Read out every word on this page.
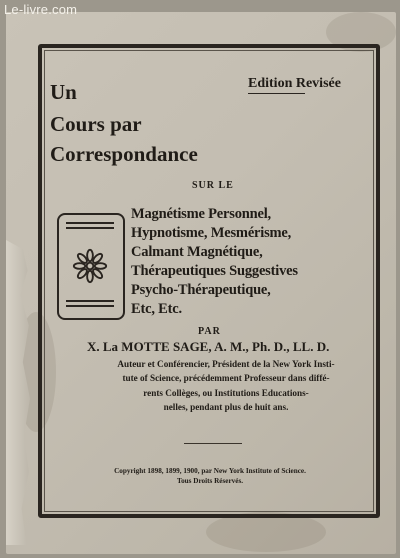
Le-livre.com
Edition Revisée
Un
Cours par
Correspondance
SUR LE
Magnétisme Personnel,
Hypnotisme, Mesmérisme,
Calmant Magnétique,
Thérapeutiques Suggestives
Psycho-Thérapeutique,
Etc, Etc.
PAR
X. La MOTTE SAGE, A. M., Ph. D., LL. D.
Auteur et Conférencier, Président de la New York Insti-
tute of Science, précédemment Professeur dans diffé-
rents Collèges, ou Institutions Educations-
nelles, pendant plus de huit ans.
Copyright 1898, 1899, 1900, par New York Institute of Science.
Tous Droits Réservés.
